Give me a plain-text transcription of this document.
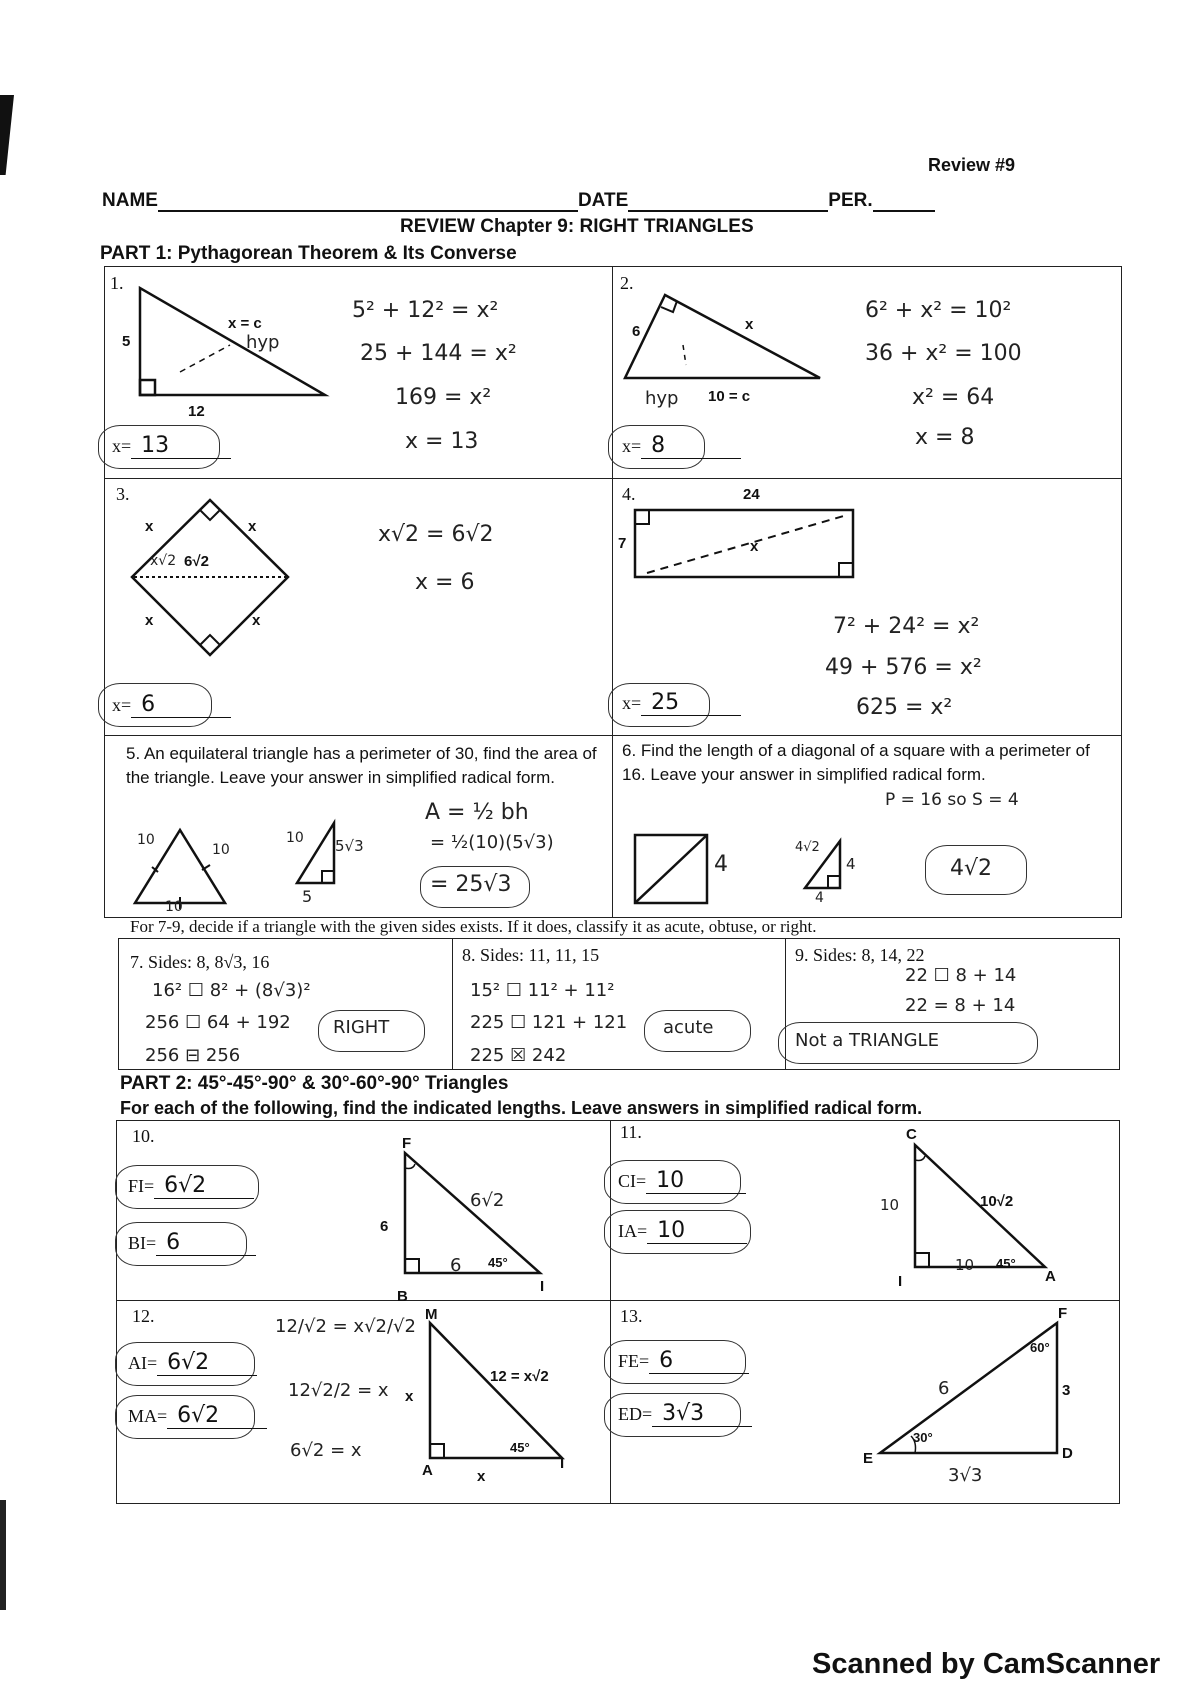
Review #9
NAME	DATE	PER.
REVIEW Chapter 9: RIGHT TRIANGLES
PART 1: Pythagorean Theorem & Its Converse
1.
5
12
x = c
hyp
5² + 12² = x²
25 + 144 = x²
169 = x²
x = 13
x= 13
2.
6	x
10 = c
hyp
6² + x² = 10²
36 + x² = 100
x² = 64
x = 8
x= 8
3.
x	x
x	x
6√2
x√2
x√2 = 6√2
x = 6
x= 6
4.	24
7	x
7² + 24² = x²
49 + 576 = x²
625 = x²
x= 25
5. An equilateral triangle has a perimeter of 30, find the area of the triangle. Leave your answer in simplified radical form.
10
10
10
10 5√3
5
A = ½ bh
= ½(10)(5√3)
= 25√3
6. Find the length of a diagonal of a square with a perimeter of 16. Leave your answer in simplified radical form.
P = 16 so S = 4
4
4√2
4
4
4√2
For 7-9, decide if a triangle with the given sides exists. If it does, classify it as acute, obtuse, or right.
7. Sides: 8, 8√3, 16
16² ☐ 8² + (8√3)²
256 ☐ 64 + 192
256 ⊟ 256
RIGHT
8. Sides: 11, 11, 15
15² ☐ 11² + 11²
225 ☐ 121 + 121
225 ☒ 242
acute
9. Sides: 8, 14, 22
22 ☐ 8 + 14
22 = 8 + 14
Not a TRIANGLE
PART 2: 45°-45°-90° & 30°-60°-90° Triangles
For each of the following, find the indicated lengths. Leave answers in simplified radical form.
10.
FI= 6√2
BI= 6
F
B
I
6
45°
6√2
6
11.
CI= 10
IA= 10
C
I	A
10√2
45°
10
10
12.
AI= 6√2
MA= 6√2
12/√2 = x√2/√2
12√2/2 = x
6√2 = x
M
A	I
x
x
12 = x√2
45°
13.
FE= 6
ED= 3√3
F
E	D
3
60°
30°
6
3√3
Scanned by CamScanner
